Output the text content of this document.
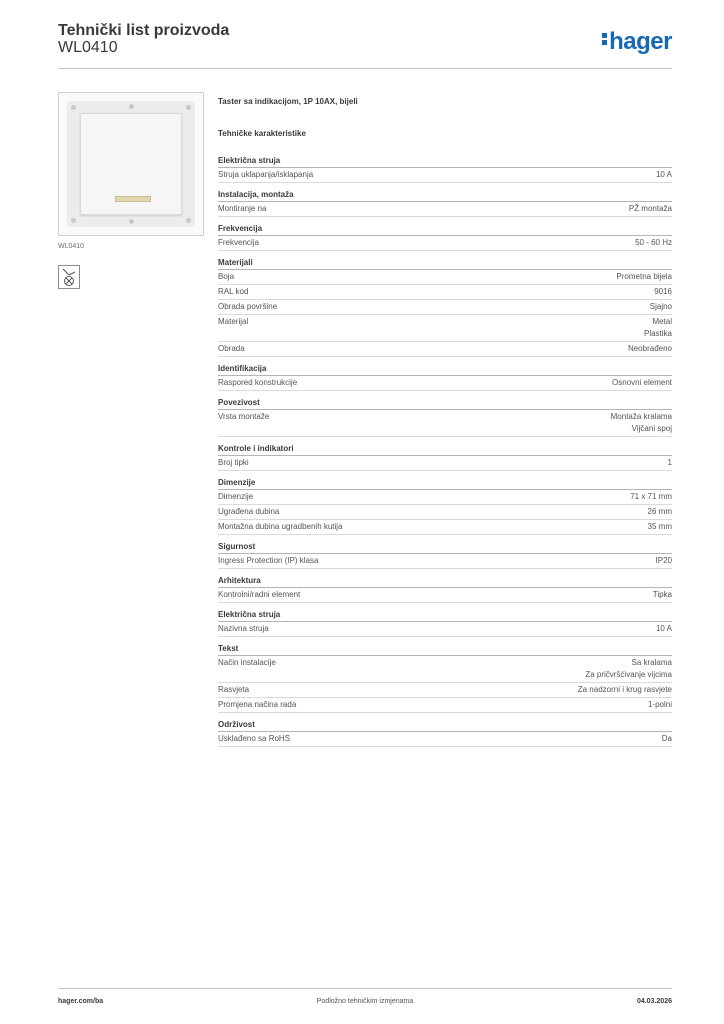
Tehnički list proizvoda
WL0410	hager
WL0410
Taster sa indikacijom, 1P 10AX, bijeli
Tehničke karakteristike
Električna struja
Struja uklapanja/isklapanja	10 A
Instalacija, montaža
Montiranje na	PŽ montaža
Frekvencija
Frekvencija	50 - 60 Hz
Materijali
Boja	Prometna bijela
RAL kod	9016
Obrada površine	Sjajno
Materijal	Metal
Plastika
Obrada	Neobrađeno
Identifikacija
Raspored konstrukcije	Osnovni element
Povezivost
Vrsta montaže	Montaža kralama
Vijčani spoj
Kontrole i indikatori
Broj tipki	1
Dimenzije
Dimenzije	71 x 71 mm
Ugrađena dubina	26 mm
Montažna dubina ugradbenih kutija	35 mm
Sigurnost
Ingress Protection (IP) klasa	IP20
Arhitektura
Kontrolni/radni element	Tipka
Električna struja
Nazivna struja	10 A
Tekst
Način instalacije	Sa kralama
Za pričvršćivanje vijcima
Rasvjeta	Za nadzorni i krug rasvjete
Promjena načina rada	1-polni
Održivost
Usklađeno sa RoHS	Da
hager.com/ba	Podložno tehničkim izmjenama	04.03.2026
